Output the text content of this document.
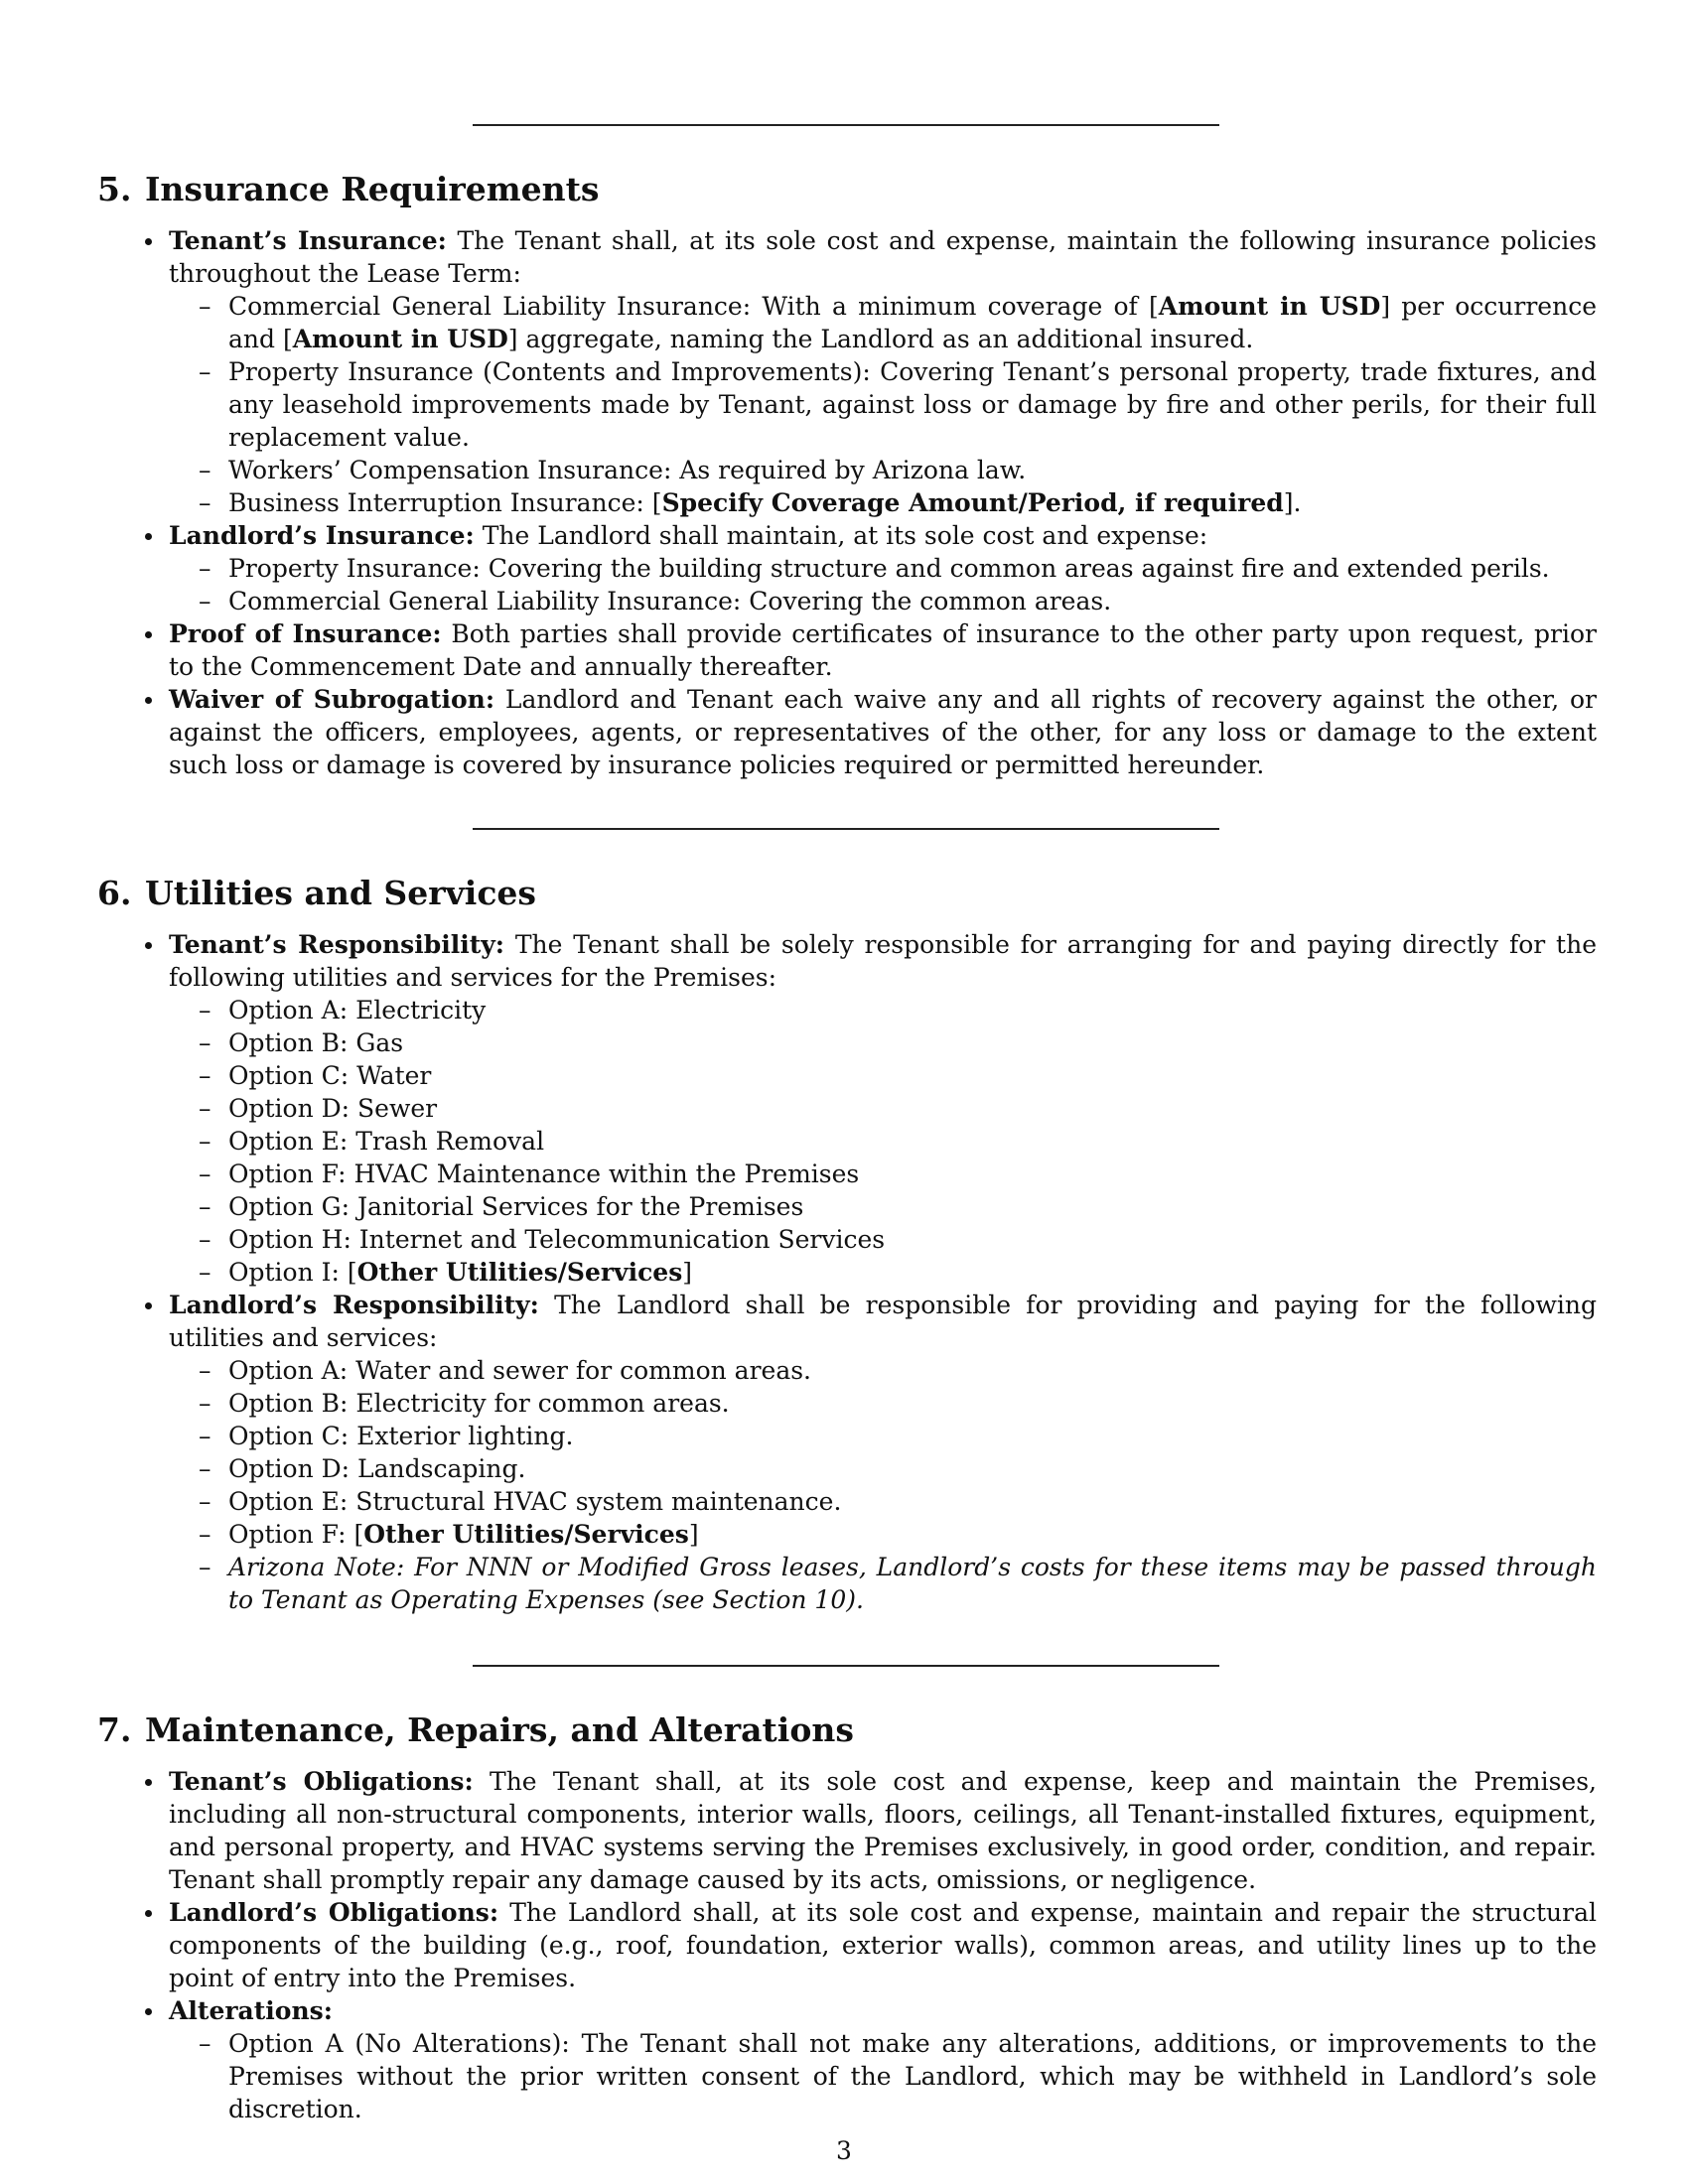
5. Insurance Requirements
Tenant’s Insurance: The Tenant shall, at its sole cost and expense, maintain the following insurance policies throughout the Lease Term:
– Commercial General Liability Insurance: With a minimum coverage of [Amount in USD] per occurrence and [Amount in USD] aggregate, naming the Landlord as an additional insured.
– Property Insurance (Contents and Improvements): Covering Tenant’s personal property, trade fixtures, and any leasehold improvements made by Tenant, against loss or damage by fire and other perils, for their full replacement value.
– Workers’ Compensation Insurance: As required by Arizona law.
– Business Interruption Insurance: [Specify Coverage Amount/Period, if required].
Landlord’s Insurance: The Landlord shall maintain, at its sole cost and expense:
– Property Insurance: Covering the building structure and common areas against fire and extended perils.
– Commercial General Liability Insurance: Covering the common areas.
Proof of Insurance: Both parties shall provide certificates of insurance to the other party upon request, prior to the Commencement Date and annually thereafter.
Waiver of Subrogation: Landlord and Tenant each waive any and all rights of recovery against the other, or against the officers, employees, agents, or representatives of the other, for any loss or damage to the extent such loss or damage is covered by insurance policies required or permitted hereunder.
6. Utilities and Services
Tenant’s Responsibility: The Tenant shall be solely responsible for arranging for and paying directly for the following utilities and services for the Premises:
– Option A: Electricity
– Option B: Gas
– Option C: Water
– Option D: Sewer
– Option E: Trash Removal
– Option F: HVAC Maintenance within the Premises
– Option G: Janitorial Services for the Premises
– Option H: Internet and Telecommunication Services
– Option I: [Other Utilities/Services]
Landlord’s Responsibility: The Landlord shall be responsible for providing and paying for the following utilities and services:
– Option A: Water and sewer for common areas.
– Option B: Electricity for common areas.
– Option C: Exterior lighting.
– Option D: Landscaping.
– Option E: Structural HVAC system maintenance.
– Option F: [Other Utilities/Services]
– Arizona Note: For NNN or Modified Gross leases, Landlord’s costs for these items may be passed through to Tenant as Operating Expenses (see Section 10).
7. Maintenance, Repairs, and Alterations
Tenant’s Obligations: The Tenant shall, at its sole cost and expense, keep and maintain the Premises, including all non-structural components, interior walls, floors, ceilings, all Tenant-installed fixtures, equipment, and personal property, and HVAC systems serving the Premises exclusively, in good order, condition, and repair. Tenant shall promptly repair any damage caused by its acts, omissions, or negligence.
Landlord’s Obligations: The Landlord shall, at its sole cost and expense, maintain and repair the structural components of the building (e.g., roof, foundation, exterior walls), common areas, and utility lines up to the point of entry into the Premises.
Alterations:
– Option A (No Alterations): The Tenant shall not make any alterations, additions, or improvements to the Premises without the prior written consent of the Landlord, which may be withheld in Landlord’s sole discretion.
3
